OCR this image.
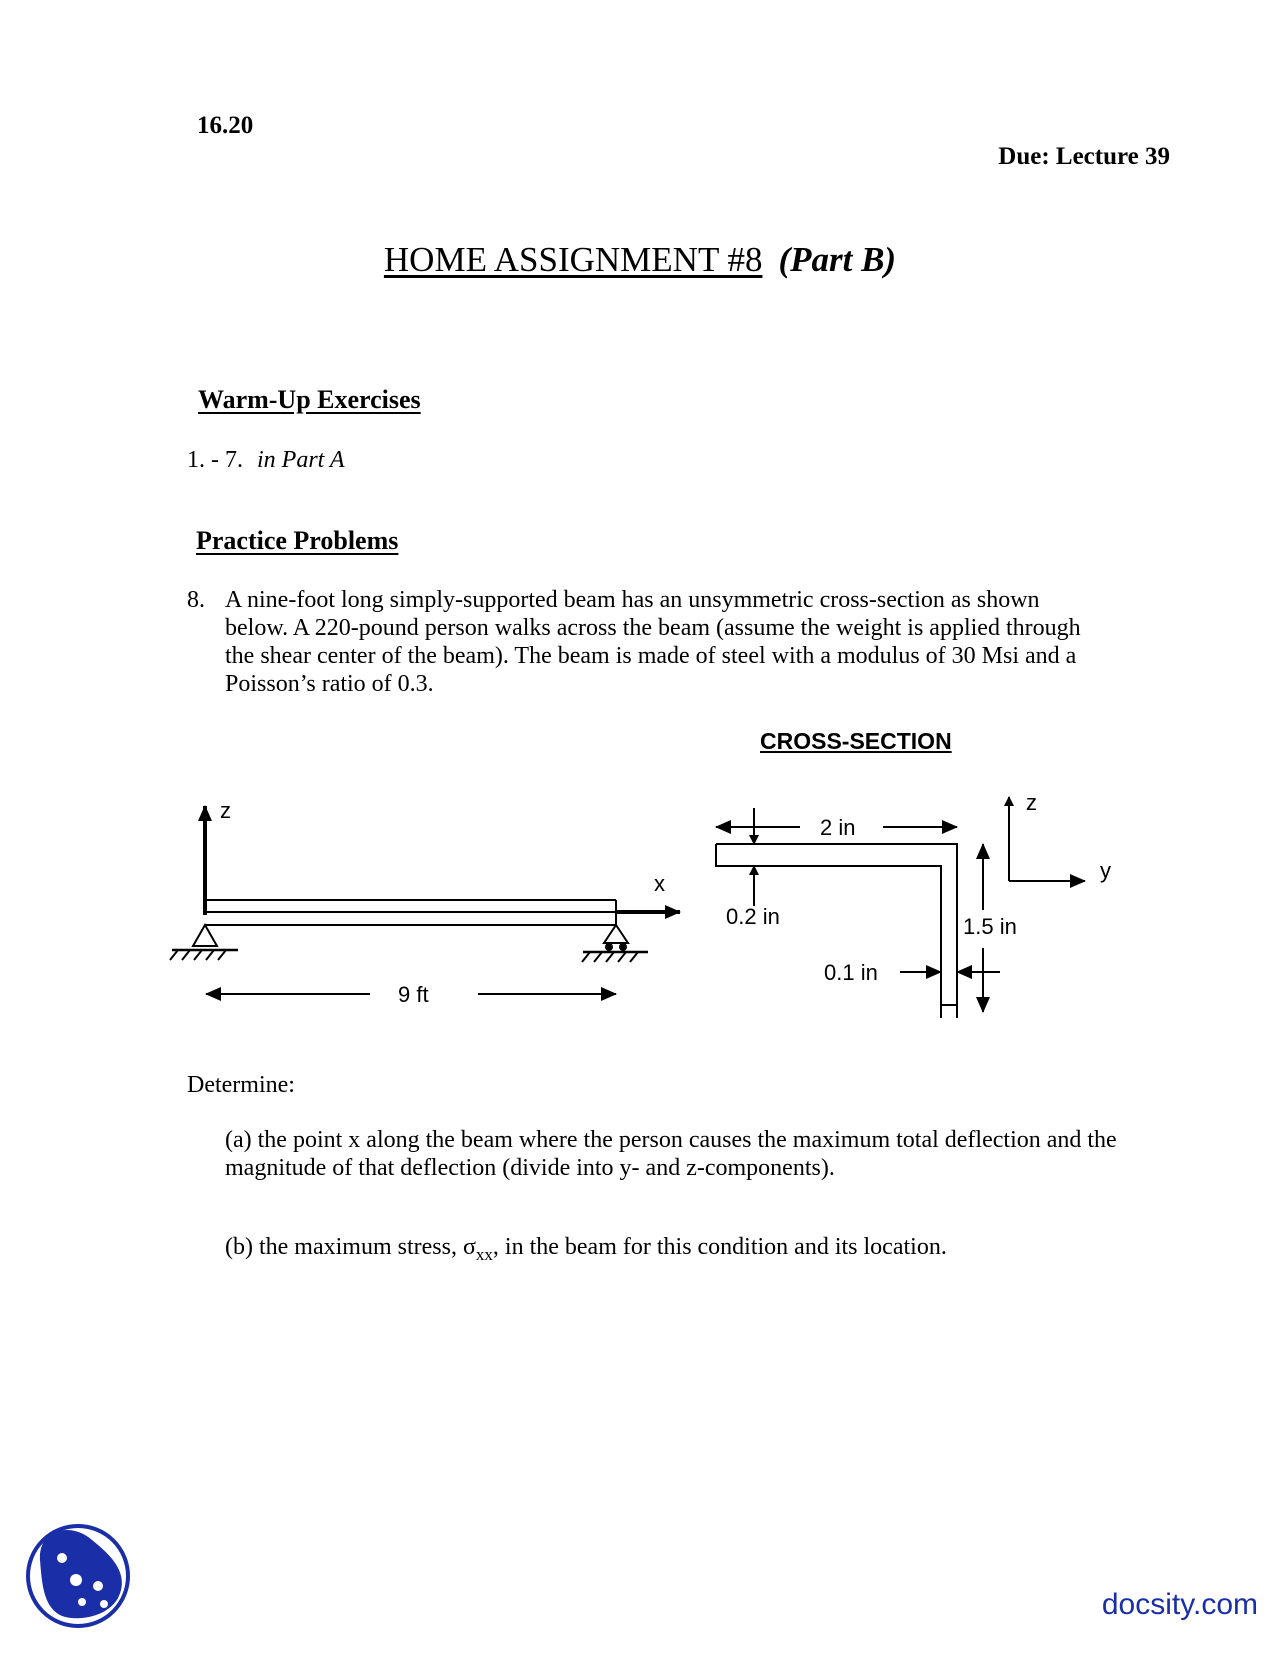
16.20
Due: Lecture 39
HOME ASSIGNMENT #8 (Part B)
Warm-Up Exercises
1. - 7. in Part A
Practice Problems
8. A nine-foot long simply-supported beam has an unsymmetric cross-section as shown below. A 220-pound person walks across the beam (assume the weight is applied through the shear center of the beam). The beam is made of steel with a modulus of 30 Msi and a Poisson’s ratio of 0.3.
CROSS-SECTION
z
x
9 ft
2 in
0.2 in	1.5 in
0.1 in
z
y
Determine:
(a) the point x along the beam where the person causes the maximum total deflection and the magnitude of that deflection (divide into y- and z-components).
(b) the maximum stress, $\sigma_{xx}$, in the beam for this condition and its location.
docsity.com
